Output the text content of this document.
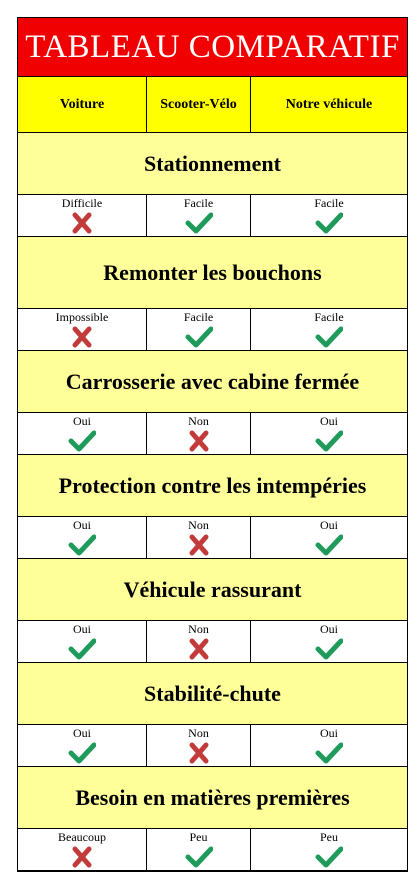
TABLEAU COMPARATIF
Voiture	Scooter-Vélo	Notre véhicule
Stationnement
Difficile	Facile	Facile
Remonter les bouchons
Impossible	Facile	Facile
Carrosserie avec cabine fermée
Oui	Non	Oui
Protection contre les intempéries
Oui	Non	Oui
Véhicule rassurant
Oui	Non	Oui
Stabilité-chute
Oui	Non	Oui
Besoin en matières premières
Beaucoup	Peu	Peu
